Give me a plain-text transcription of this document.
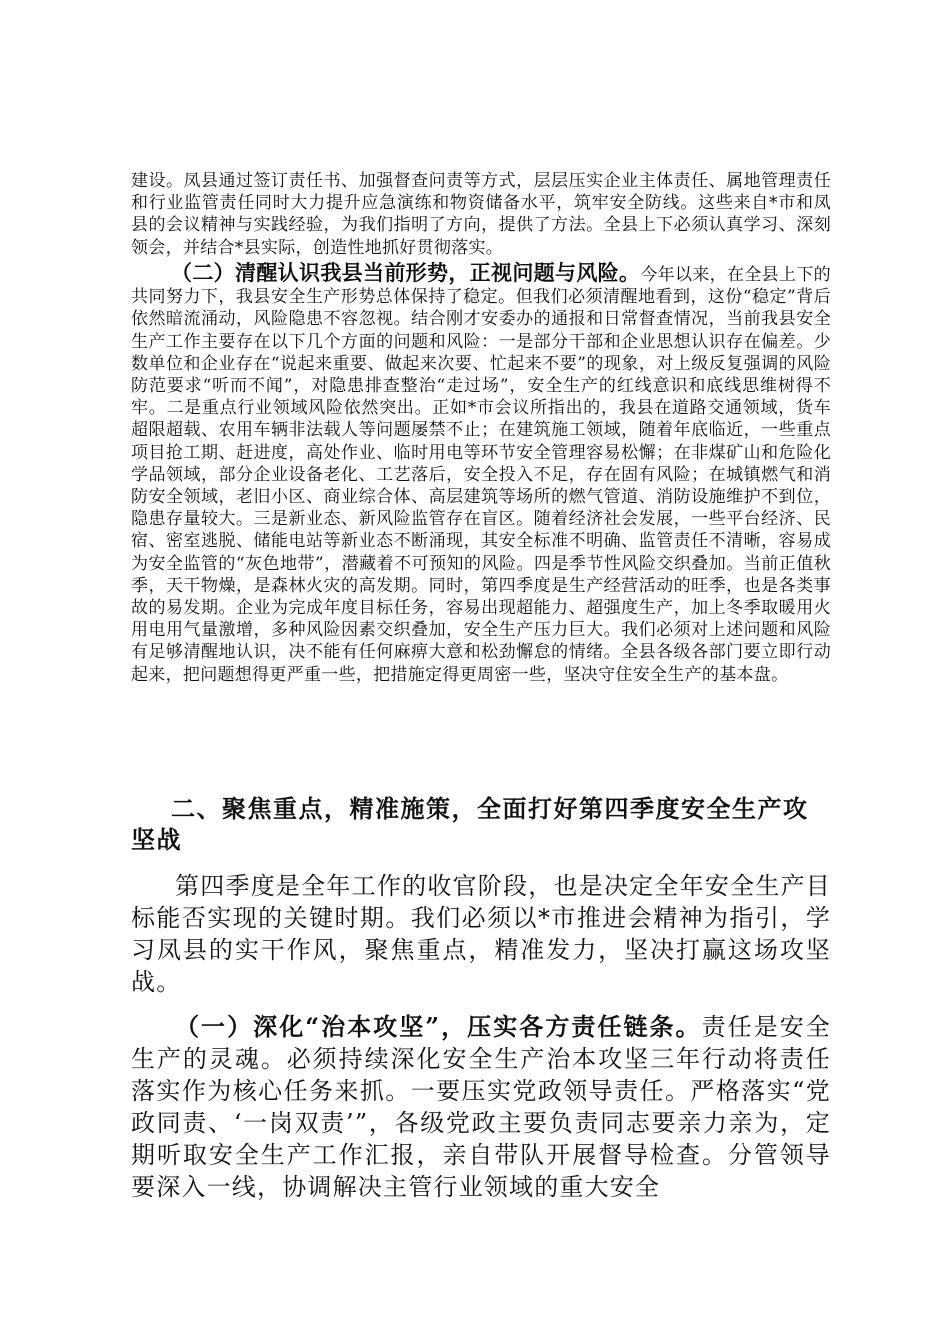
建设。凤县通过签订责任书、加强督查问责等方式，层层压实企业主体责任、属地管理责任和行业监管责任同时大力提升应急演练和物资储备水平，筑牢安全防线。这些来自*市和凤县的会议精神与实践经验，为我们指明了方向，提供了方法。全县上下必须认真学习、深刻领会，并结合*县实际，创造性地抓好贯彻落实。
（二）清醒认识我县当前形势，正视问题与风险。今年以来，在全县上下的共同努力下，我县安全生产形势总体保持了稳定。但我们必须清醒地看到，这份“稳定”背后依然暗流涌动，风险隐患不容忽视。结合刚才安委办的通报和日常督查情况，当前我县安全生产工作主要存在以下几个方面的问题和风险：一是部分干部和企业思想认识存在偏差。少数单位和企业存在“说起来重要、做起来次要、忙起来不要”的现象，对上级反复强调的风险防范要求“听而不闻”，对隐患排查整治“走过场”，安全生产的红线意识和底线思维树得不牢。二是重点行业领域风险依然突出。正如*市会议所指出的，我县在道路交通领域，货车超限超载、农用车辆非法载人等问题屡禁不止；在建筑施工领域，随着年底临近，一些重点项目抢工期、赶进度，高处作业、临时用电等环节安全管理容易松懈；在非煤矿山和危险化学品领域，部分企业设备老化、工艺落后，安全投入不足，存在固有风险；在城镇燃气和消防安全领域，老旧小区、商业综合体、高层建筑等场所的燃气管道、消防设施维护不到位，隐患存量较大。三是新业态、新风险监管存在盲区。随着经济社会发展，一些平台经济、民宿、密室逃脱、储能电站等新业态不断涌现，其安全标准不明确、监管责任不清晰，容易成为安全监管的“灰色地带”，潜藏着不可预知的风险。四是季节性风险交织叠加。当前正值秋季，天干物燥，是森林火灾的高发期。同时，第四季度是生产经营活动的旺季，也是各类事故的易发期。企业为完成年度目标任务，容易出现超能力、超强度生产，加上冬季取暖用火用电用气量激增，多种风险因素交织叠加，安全生产压力巨大。我们必须对上述问题和风险有足够清醒地认识，决不能有任何麻痹大意和松劲懈怠的情绪。全县各级各部门要立即行动起来，把问题想得更严重一些，把措施定得更周密一些，坚决守住安全生产的基本盘。
二、聚焦重点，精准施策，全面打好第四季度安全生产攻坚战
第四季度是全年工作的收官阶段，也是决定全年安全生产目标能否实现的关键时期。我们必须以*市推进会精神为指引，学习凤县的实干作风，聚焦重点，精准发力，坚决打赢这场攻坚战。
（一）深化“治本攻坚”，压实各方责任链条。责任是安全生产的灵魂。必须持续深化安全生产治本攻坚三年行动将责任落实作为核心任务来抓。一要压实党政领导责任。严格落实“党政同责、‘一岗双责’”，各级党政主要负责同志要亲力亲为，定期听取安全生产工作汇报，亲自带队开展督导检查。分管领导要深入一线，协调解决主管行业领域的重大安全
